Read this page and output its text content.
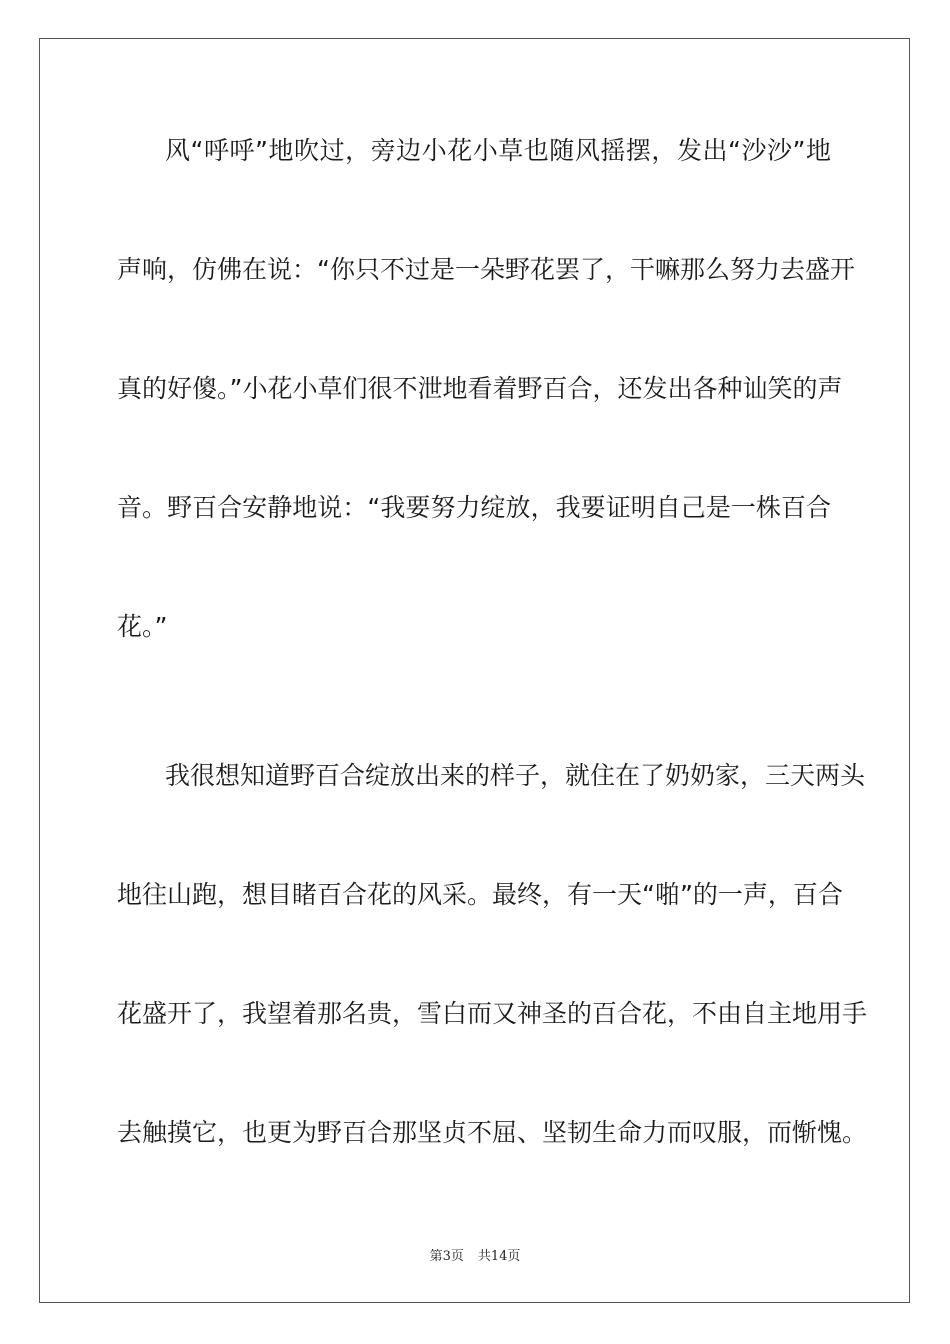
风“呼呼”地吹过，旁边小花小草也随风摇摆，发出“沙沙”地
声响，仿佛在说：“你只不过是一朵野花罢了，干嘛那么努力去盛开
真的好傻。”小花小草们很不泄地看着野百合，还发出各种讪笑的声
音。野百合安静地说：“我要努力绽放，我要证明自己是一株百合
花。”
我很想知道野百合绽放出来的样子，就住在了奶奶家，三天两头
地往山跑，想目睹百合花的风采。最终，有一天“啪”的一声，百合
花盛开了，我望着那名贵，雪白而又神圣的百合花，不由自主地用手
去触摸它，也更为野百合那坚贞不屈、坚韧生命力而叹服，而惭愧。
第3页 共14页
